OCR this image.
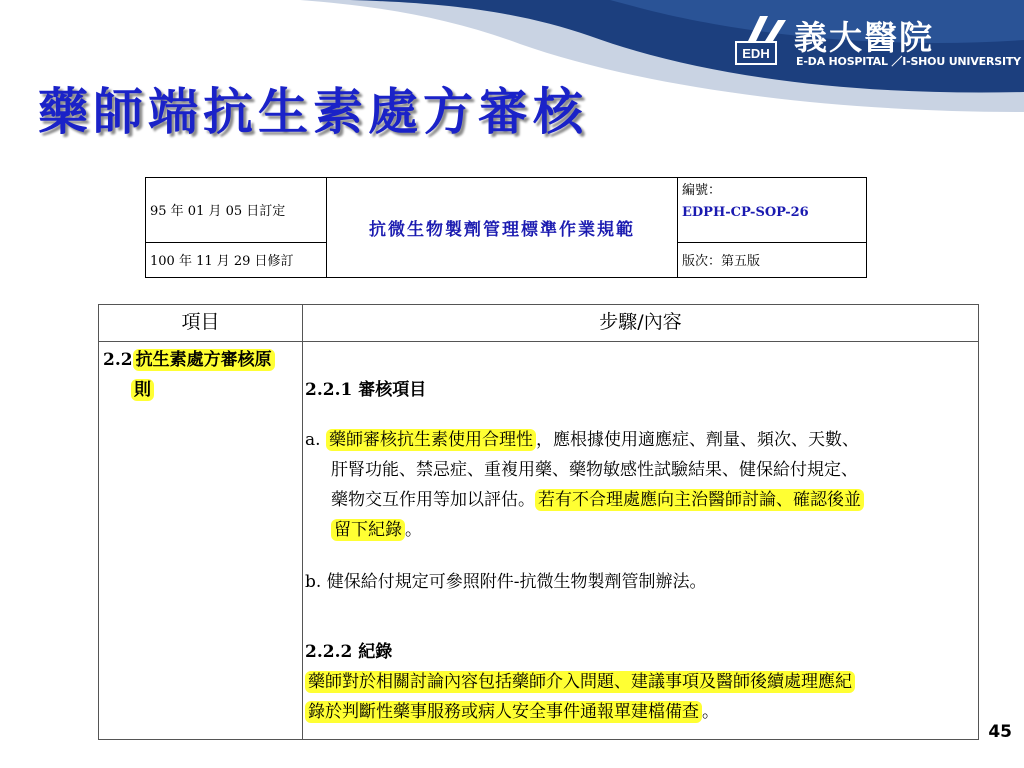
EDH 義大醫院
E-DA HOSPITAL ／I-SHOU UNIVERSITY
藥師端抗生素處方審核
95 年 01 月 05 日訂定	抗微生物製劑管理標準作業規範	編號：
EDPH-CP-SOP-26

100 年 11 月 29 日修訂		版次：第五版
項目	步驟/內容
2.2 抗生素處方審核原
則	2.2.1 審核項目

a. 藥師審核抗生素使用合理性 ，應根據使用適應症、劑量、頻次、天數、

肝腎功能、禁忌症、重複用藥、藥物敏感性試驗結果、健保給付規定、

藥物交互作用等加以評估。 若有不合理處應向主治醫師討論、確認後並

留下紀錄 。

b. 健保給付規定可參照附件-抗微生物製劑管制辦法。

2.2.2 紀錄

藥師對於相關討論內容包括藥師介入問題、建議事項及醫師後續處理應紀

錄於判斷性藥事服務或病人安全事件通報單建檔備查 。

45
